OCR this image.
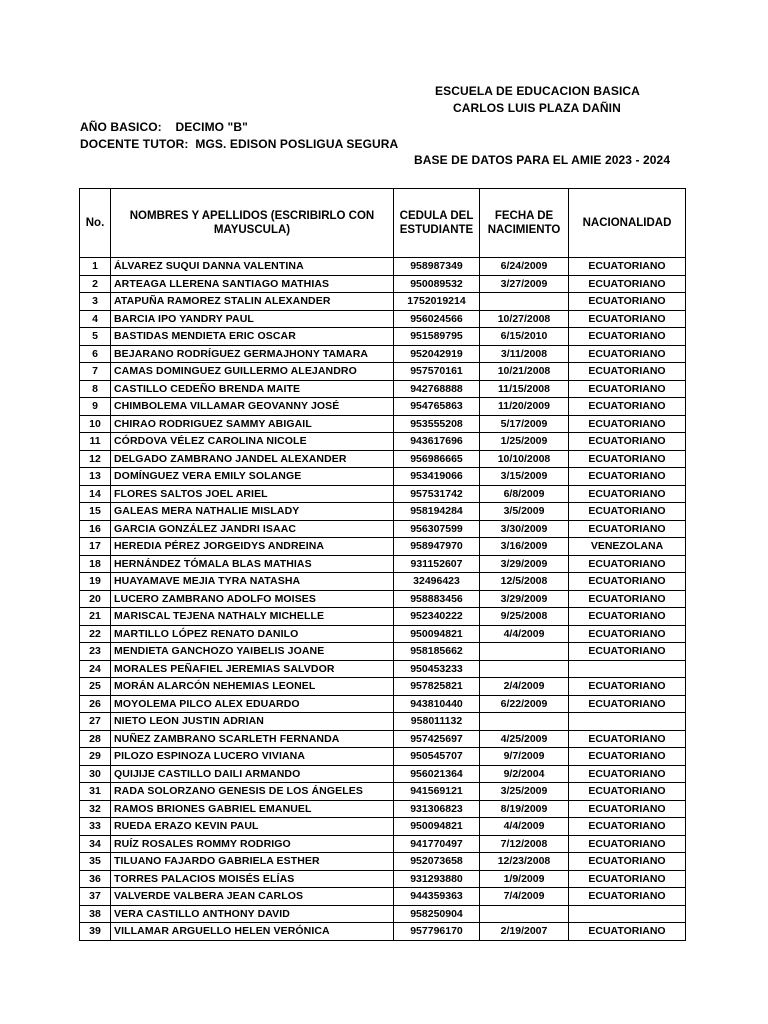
ESCUELA DE EDUCACION BASICA
CARLOS LUIS PLAZA DAÑIN
AÑO BASICO:    DECIMO "B"
DOCENTE TUTOR:  MGS. EDISON POSLIGUA SEGURA
BASE DE DATOS PARA EL AMIE 2023 - 2024
No.	NOMBRES Y APELLIDOS (ESCRIBIRLO CON MAYUSCULA)	CEDULA DEL ESTUDIANTE	FECHA DE NACIMIENTO	NACIONALIDAD
1	ÁLVAREZ SUQUI DANNA VALENTINA	958987349	6/24/2009	ECUATORIANO
2	ARTEAGA LLERENA SANTIAGO MATHIAS	950089532	3/27/2009	ECUATORIANO
3	ATAPUÑA RAMOREZ STALIN ALEXANDER	1752019214		ECUATORIANO
4	BARCIA IPO YANDRY PAUL	956024566	10/27/2008	ECUATORIANO
5	BASTIDAS MENDIETA ERIC OSCAR	951589795	6/15/2010	ECUATORIANO
6	BEJARANO RODRÍGUEZ GERMAJHONY TAMARA	952042919	3/11/2008	ECUATORIANO
7	CAMAS DOMINGUEZ GUILLERMO ALEJANDRO	957570161	10/21/2008	ECUATORIANO
8	CASTILLO CEDEÑO BRENDA MAITE	942768888	11/15/2008	ECUATORIANO
9	CHIMBOLEMA VILLAMAR GEOVANNY JOSÉ	954765863	11/20/2009	ECUATORIANO
10	CHIRAO RODRIGUEZ SAMMY ABIGAIL	953555208	5/17/2009	ECUATORIANO
11	CÓRDOVA VÉLEZ CAROLINA NICOLE	943617696	1/25/2009	ECUATORIANO
12	DELGADO ZAMBRANO JANDEL ALEXANDER	956986665	10/10/2008	ECUATORIANO
13	DOMÍNGUEZ VERA EMILY SOLANGE	953419066	3/15/2009	ECUATORIANO
14	FLORES SALTOS JOEL ARIEL	957531742	6/8/2009	ECUATORIANO
15	GALEAS MERA NATHALIE MISLADY	958194284	3/5/2009	ECUATORIANO
16	GARCIA GONZÁLEZ JANDRI ISAAC	956307599	3/30/2009	ECUATORIANO
17	HEREDIA PÉREZ JORGEIDYS ANDREINA	958947970	3/16/2009	VENEZOLANA
18	HERNÁNDEZ TÓMALA BLAS MATHIAS	931152607	3/29/2009	ECUATORIANO
19	HUAYAMAVE MEJIA TYRA NATASHA	32496423	12/5/2008	ECUATORIANO
20	LUCERO ZAMBRANO ADOLFO MOISES	958883456	3/29/2009	ECUATORIANO
21	MARISCAL TEJENA NATHALY MICHELLE	952340222	9/25/2008	ECUATORIANO
22	MARTILLO LÓPEZ RENATO DANILO	950094821	4/4/2009	ECUATORIANO
23	MENDIETA GANCHOZO YAIBELIS JOANE	958185662		ECUATORIANO
24	MORALES PEÑAFIEL JEREMIAS SALVDOR	950453233		
25	MORÁN ALARCÓN NEHEMIAS LEONEL	957825821	2/4/2009	ECUATORIANO
26	MOYOLEMA PILCO ALEX EDUARDO	943810440	6/22/2009	ECUATORIANO
27	NIETO LEON JUSTIN ADRIAN	958011132		
28	NUÑEZ ZAMBRANO SCARLETH FERNANDA	957425697	4/25/2009	ECUATORIANO
29	PILOZO ESPINOZA LUCERO VIVIANA	950545707	9/7/2009	ECUATORIANO
30	QUIJIJE CASTILLO DAILI ARMANDO	956021364	9/2/2004	ECUATORIANO
31	RADA SOLORZANO GENESIS DE LOS ÁNGELES	941569121	3/25/2009	ECUATORIANO
32	RAMOS BRIONES GABRIEL EMANUEL	931306823	8/19/2009	ECUATORIANO
33	RUEDA ERAZO KEVIN PAUL	950094821	4/4/2009	ECUATORIANO
34	RUÍZ ROSALES ROMMY RODRIGO	941770497	7/12/2008	ECUATORIANO
35	TILUANO FAJARDO GABRIELA ESTHER	952073658	12/23/2008	ECUATORIANO
36	TORRES PALACIOS MOISÉS ELÍAS	931293880	1/9/2009	ECUATORIANO
37	VALVERDE VALBERA JEAN CARLOS	944359363	7/4/2009	ECUATORIANO
38	VERA CASTILLO ANTHONY DAVID	958250904		
39	VILLAMAR ARGUELLO HELEN VERÓNICA	957796170	2/19/2007	ECUATORIANO
